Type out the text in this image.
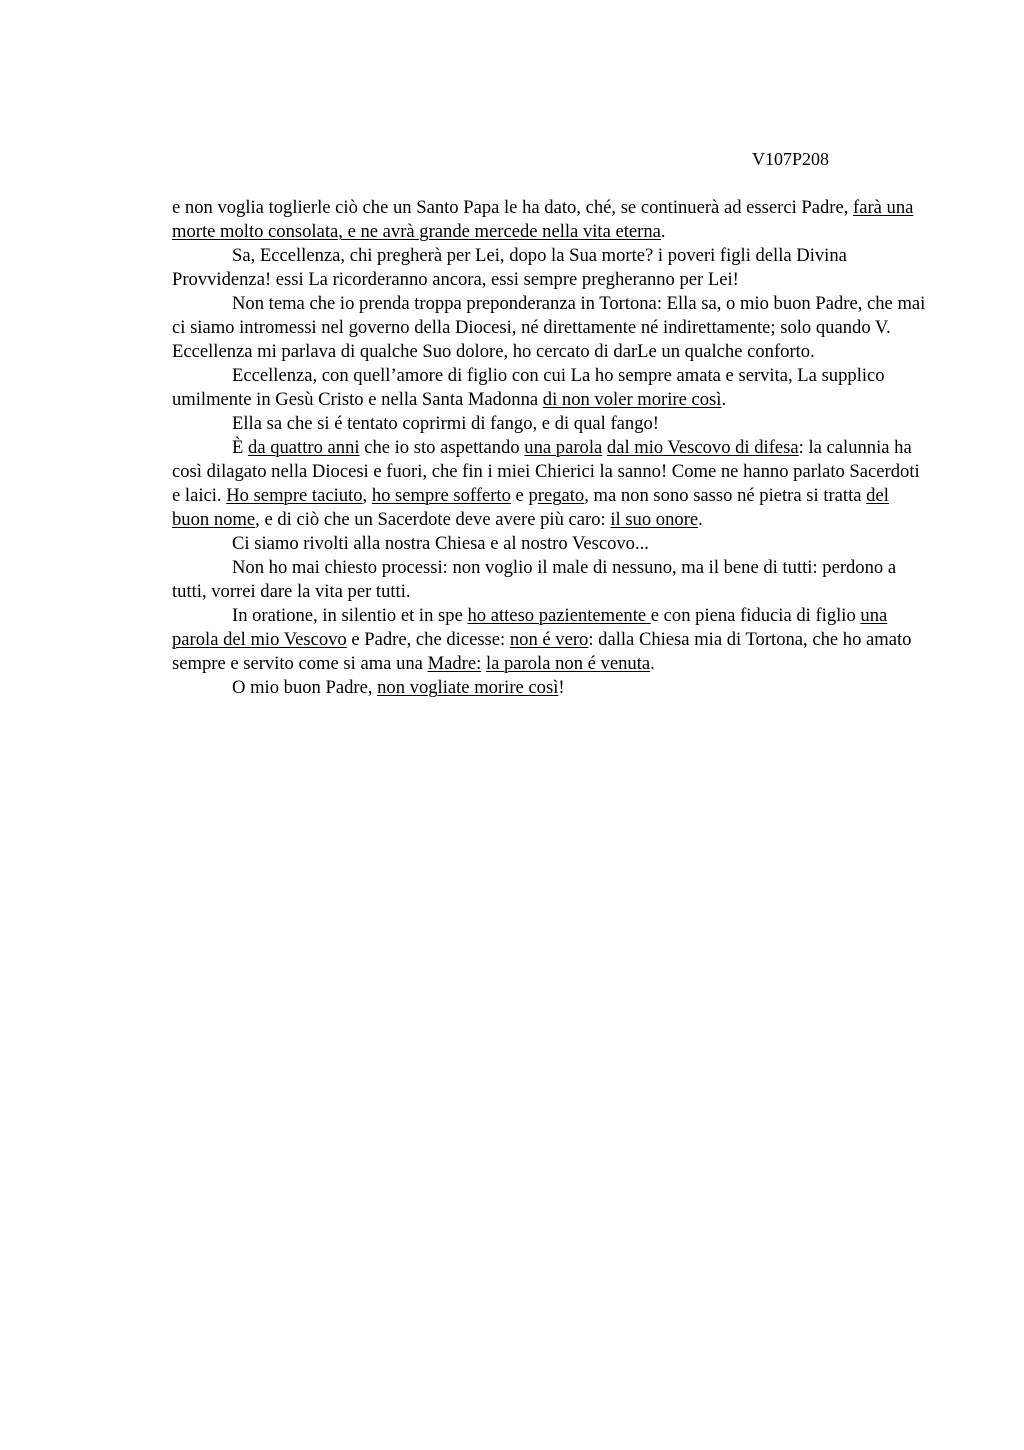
V107P208

e non voglia toglierle ciò che un Santo Papa le ha dato, ché, se continuerà ad esserci Padre, farà una morte molto consolata, e ne avrà grande mercede nella vita eterna.

Sa, Eccellenza, chi pregherà per Lei, dopo la Sua morte? i poveri figli della Divina Provvidenza! essi La ricorderanno ancora, essi sempre pregheranno per Lei!

Non tema che io prenda troppa preponderanza in Tortona: Ella sa, o mio buon Padre, che mai ci siamo intromessi nel governo della Diocesi, né direttamente né indirettamente; solo quando V. Eccellenza mi parlava di qualche Suo dolore, ho cercato di darLe un qualche conforto.

Eccellenza, con quell’amore di figlio con cui La ho sempre amata e servita, La supplico umilmente in Gesù Cristo e nella Santa Madonna di non voler morire così.

Ella sa che si é tentato coprirmi di fango, e di qual fango!

È da quattro anni che io sto aspettando una parola dal mio Vescovo di difesa: la calunnia ha così dilagato nella Diocesi e fuori, che fin i miei Chierici la sanno! Come ne hanno parlato Sacerdoti e laici. Ho sempre taciuto, ho sempre sofferto e pregato, ma non sono sasso né pietra si tratta del buon nome, e di ciò che un Sacerdote deve avere più caro: il suo onore.

Ci siamo rivolti alla nostra Chiesa e al nostro Vescovo...

Non ho mai chiesto processi: non voglio il male di nessuno, ma il bene di tutti: perdono a tutti, vorrei dare la vita per tutti.

In oratione, in silentio et in spe ho atteso pazientemente e con piena fiducia di figlio una parola del mio Vescovo e Padre, che dicesse: non é vero: dalla Chiesa mia di Tortona, che ho amato sempre e servito come si ama una Madre: la parola non é venuta.

O mio buon Padre, non vogliate morire così!
